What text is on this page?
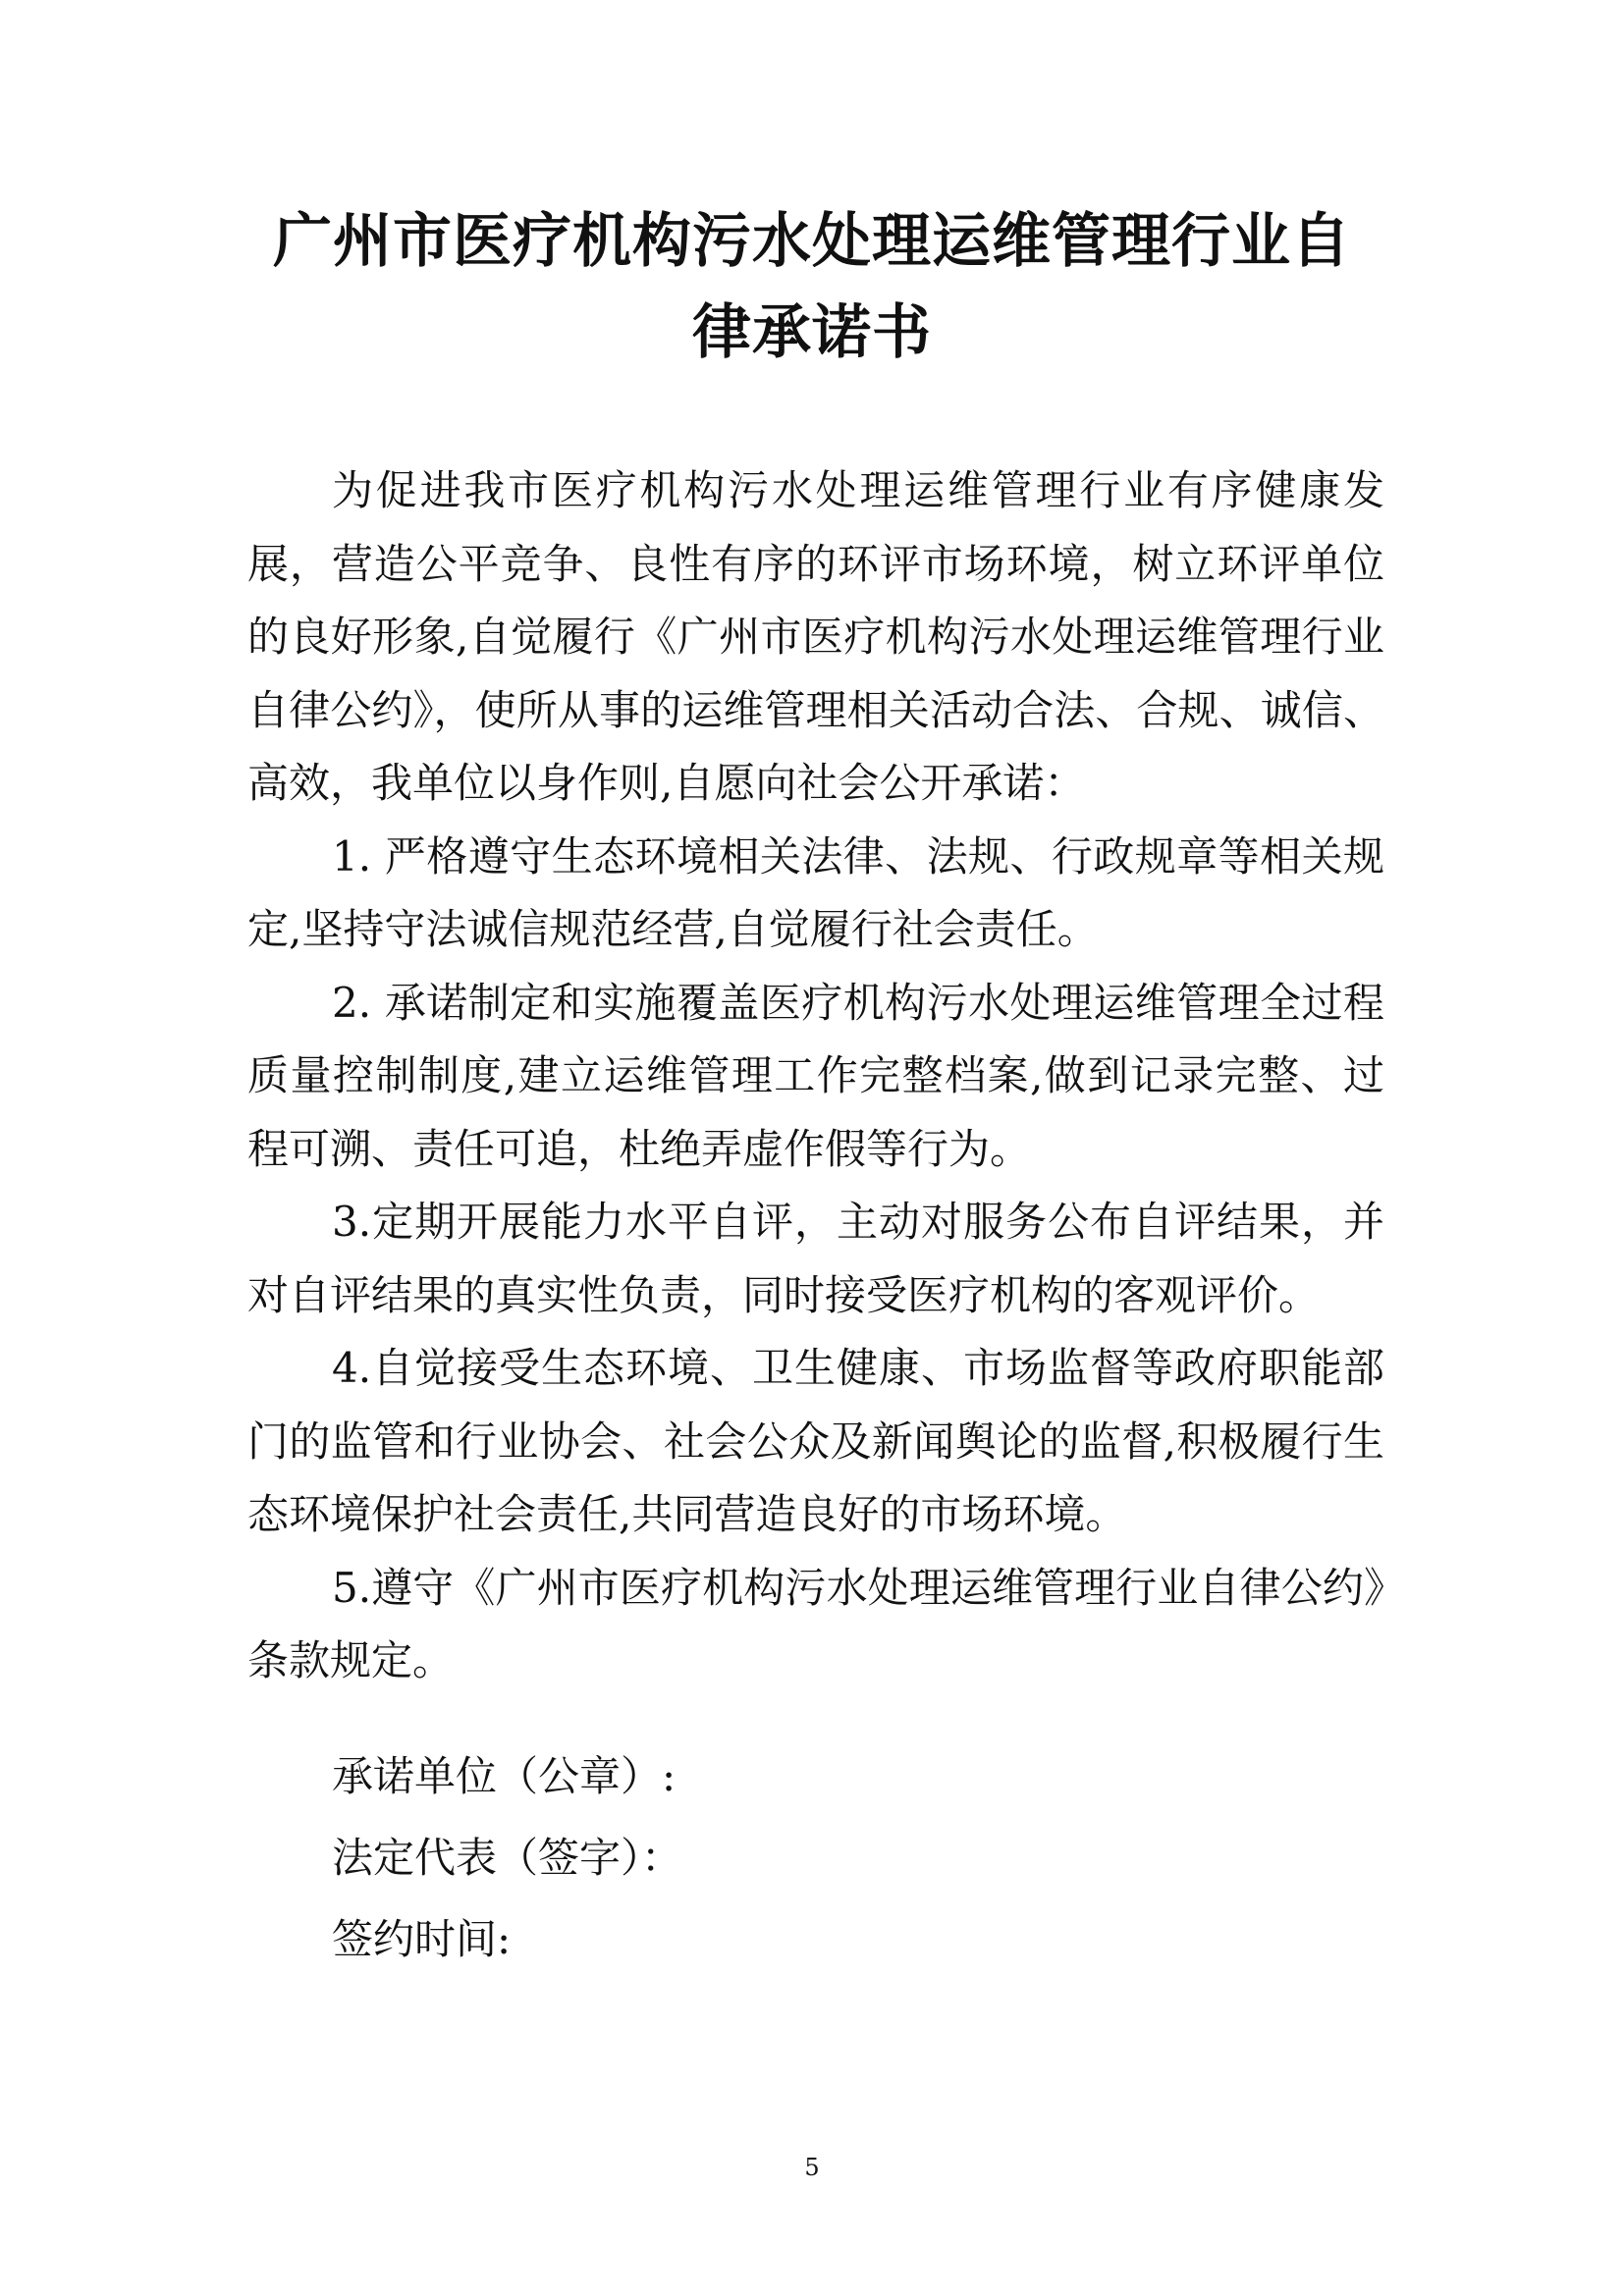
广州市医疗机构污水处理运维管理行业自
律承诺书

为促进我市医疗机构污水处理运维管理行业有序健康发展，营造公平竞争、良性有序的环评市场环境，树立环评单位的良好形象,自觉履行《广州市医疗机构污水处理运维管理行业自律公约》，使所从事的运维管理相关活动合法、合规、诚信、高效，我单位以身作则,自愿向社会公开承诺：

1. 严格遵守生态环境相关法律、法规、行政规章等相关规定,坚持守法诚信规范经营,自觉履行社会责任。

2. 承诺制定和实施覆盖医疗机构污水处理运维管理全过程质量控制制度,建立运维管理工作完整档案,做到记录完整、过程可溯、责任可追，杜绝弄虚作假等行为。

3.定期开展能力水平自评，主动对服务公布自评结果，并对自评结果的真实性负责，同时接受医疗机构的客观评价。

4.自觉接受生态环境、卫生健康、市场监督等政府职能部门的监管和行业协会、社会公众及新闻舆论的监督,积极履行生态环境保护社会责任,共同营造良好的市场环境。

5.遵守《广州市医疗机构污水处理运维管理行业自律公约》条款规定。

承诺单位（公章）:
法定代表（签字）：
签约时间:
5
